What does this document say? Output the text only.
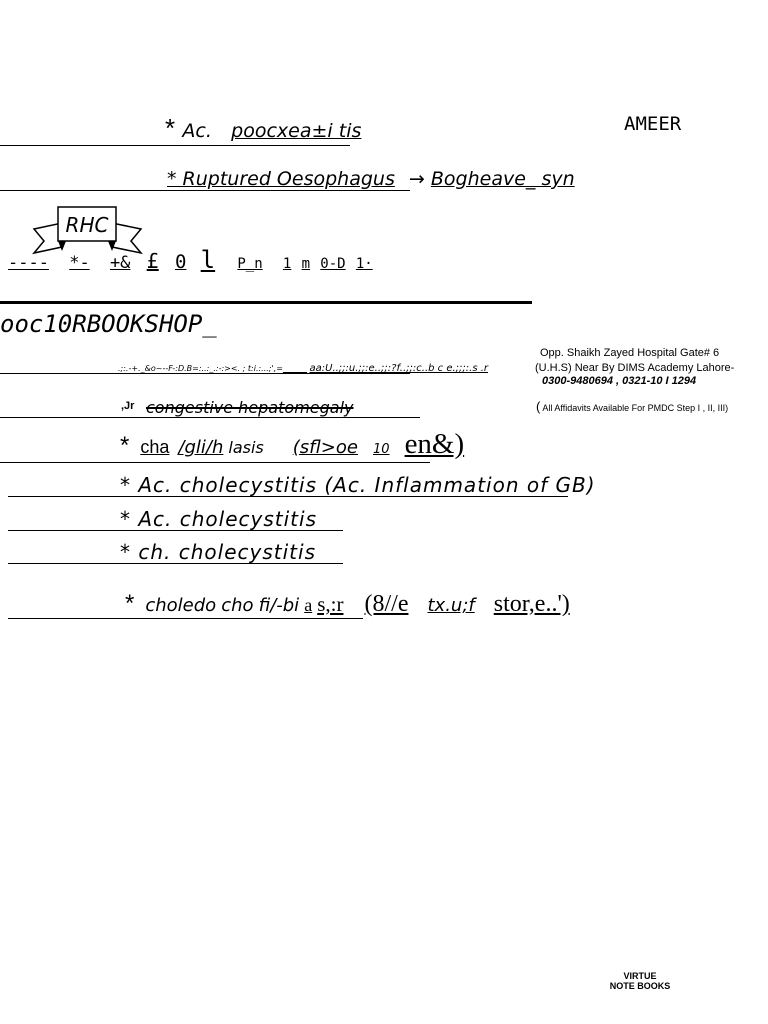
AMEER
* Ac. poocxea±i tis
* Ruptured Oesophagus → Bogheave_ syn
RHC
---- *- +& £ 0 l P_n 1 m 0-D 1·
ooc10RBOOKSHOP_
Opp. Shaikh Zayed Hospital Gate# 6
(U.H.S) Near By DIMS Academy Lahore-
0300-9480694 , 0321-10 I 1294
( All Affidavits Available For PMDC Step I , II, III)
.;:.-+._&o~--F-:D.B=:..:_.:-:><. ; t:i.:...;',=______ aa:U..;;:u.;;:e..;;:?f..;;:c..b c e.;;;:.s .r
,Jr congestive hepatomegaly
* cha /gli/h lasis (sfl>oe 10 en&)
* Ac. cholecystitis (Ac. Inflammation of GB)
* Ac. cholecystitis
* ch. cholecystitis
* choledo cho fi/-bi a s,:r (8//e tx.u;f stor,e..')
VIRTUE
NOTE BOOKS
